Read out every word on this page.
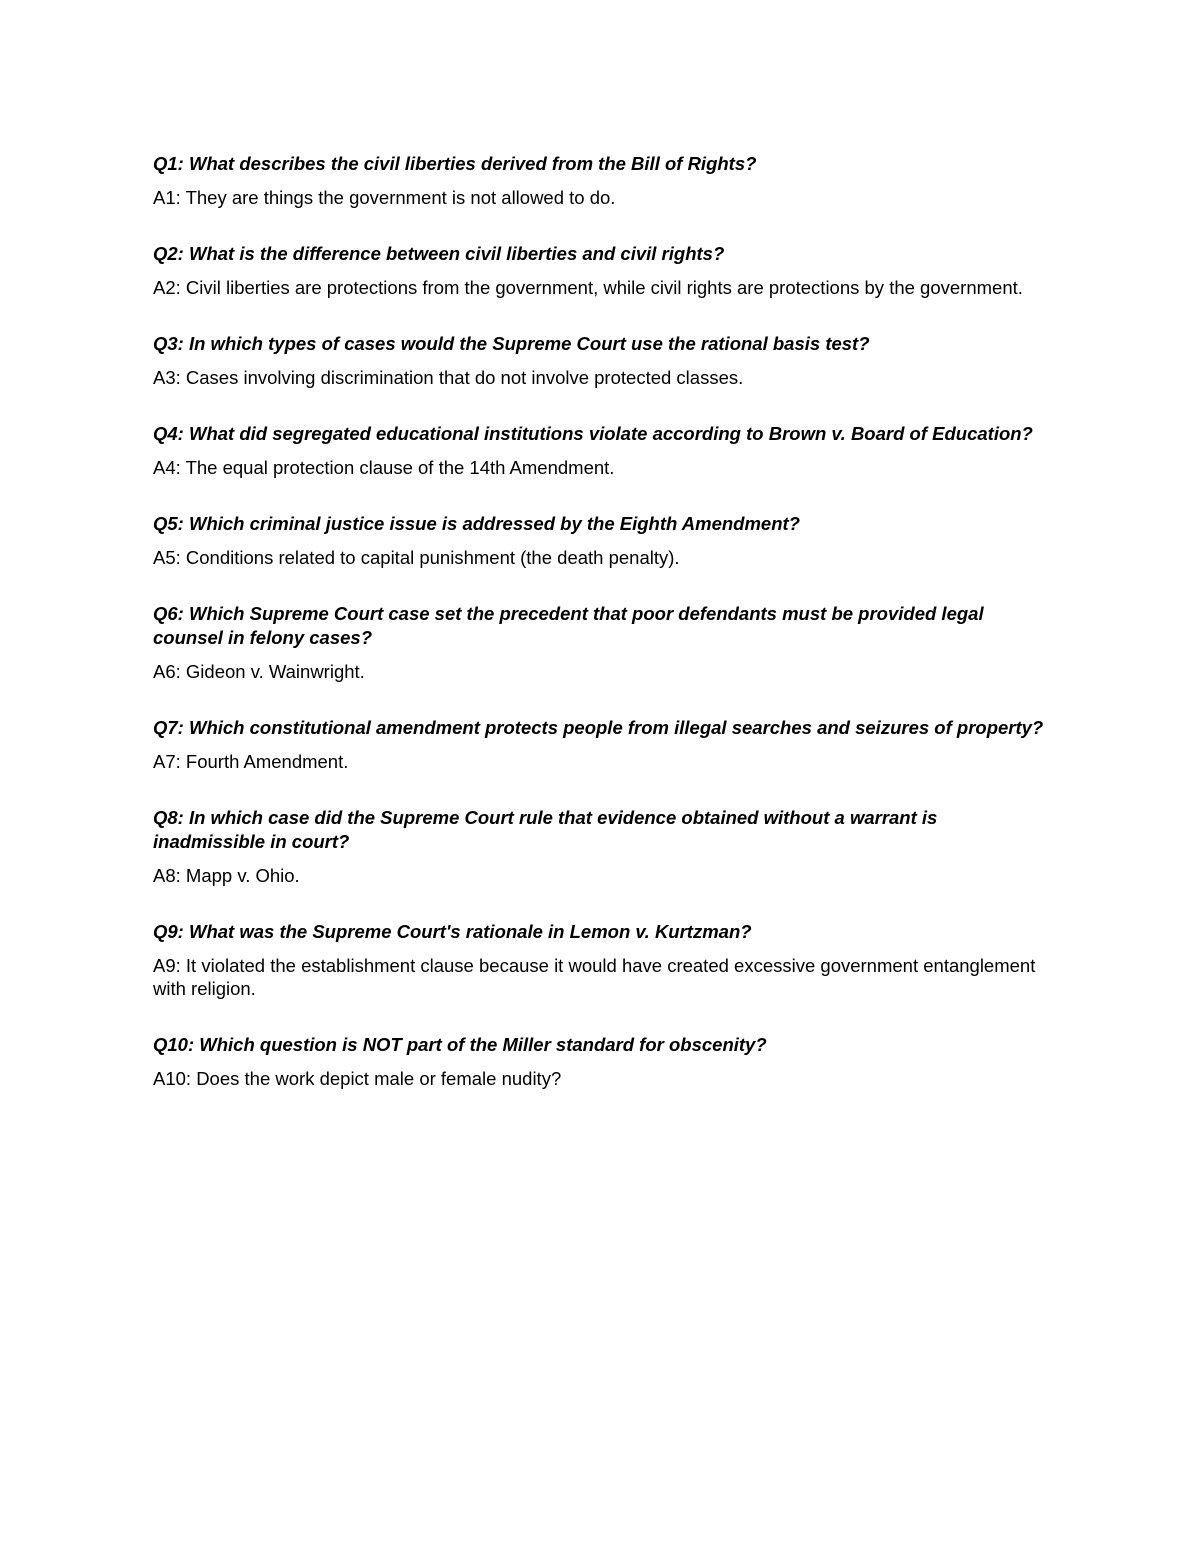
Q1: What describes the civil liberties derived from the Bill of Rights?

A1: They are things the government is not allowed to do.

Q2: What is the difference between civil liberties and civil rights?

A2: Civil liberties are protections from the government, while civil rights are protections by the government.

Q3: In which types of cases would the Supreme Court use the rational basis test?

A3: Cases involving discrimination that do not involve protected classes.

Q4: What did segregated educational institutions violate according to Brown v. Board of Education?

A4: The equal protection clause of the 14th Amendment.

Q5: Which criminal justice issue is addressed by the Eighth Amendment?

A5: Conditions related to capital punishment (the death penalty).

Q6: Which Supreme Court case set the precedent that poor defendants must be provided legal counsel in felony cases?

A6: Gideon v. Wainwright.

Q7: Which constitutional amendment protects people from illegal searches and seizures of property?

A7: Fourth Amendment.

Q8: In which case did the Supreme Court rule that evidence obtained without a warrant is inadmissible in court?

A8: Mapp v. Ohio.

Q9: What was the Supreme Court's rationale in Lemon v. Kurtzman?

A9: It violated the establishment clause because it would have created excessive government entanglement with religion.

Q10: Which question is NOT part of the Miller standard for obscenity?

A10: Does the work depict male or female nudity?
